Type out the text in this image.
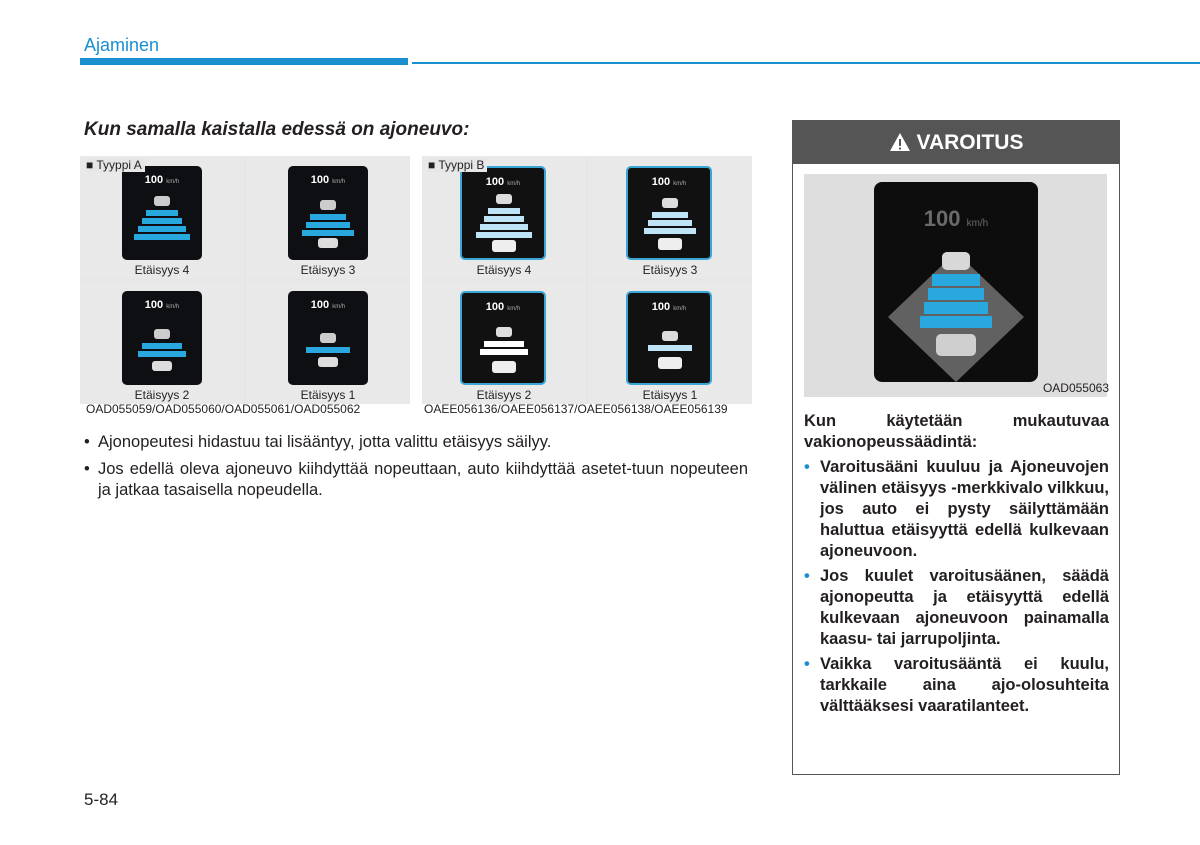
Ajaminen
Kun samalla kaistalla edessä on ajoneuvo:
■ Tyyppi A
100 km/h
Etäisyys 4
100 km/h
Etäisyys 3
100 km/h
Etäisyys 2
100 km/h
Etäisyys 1
OAD055059/OAD055060/OAD055061/OAD055062
■ Tyyppi B
100 km/h
Etäisyys 4
100 km/h
Etäisyys 3
100 km/h
Etäisyys 2
100 km/h
Etäisyys 1
OAEE056136/OAEE056137/OAEE056138/OAEE056139
• Ajonopeutesi hidastuu tai lisääntyy, jotta valittu etäisyys säilyy.
• Jos edellä oleva ajoneuvo kiihdyttää nopeuttaan, auto kiihdyttää asetet-tuun nopeuteen ja jatkaa tasaisella nopeudella.
VAROITUS
100 km/h
OAD055063

Kun käytetään mukautuvaa vakionopeussäädintä:

• Varoitusääni kuuluu ja Ajoneuvojen välinen etäisyys -merkkivalo vilkkuu, jos auto ei pysty säilyttämään haluttua etäisyyttä edellä kulkevaan ajoneuvoon.
• Jos kuulet varoitusäänen, säädä ajonopeutta ja etäisyyttä edellä kulkevaan ajoneuvoon painamalla kaasu- tai jarrupoljinta.
• Vaikka varoitusääntä ei kuulu, tarkkaile aina ajo-olosuhteita välttääksesi vaaratilanteet.
5-84
